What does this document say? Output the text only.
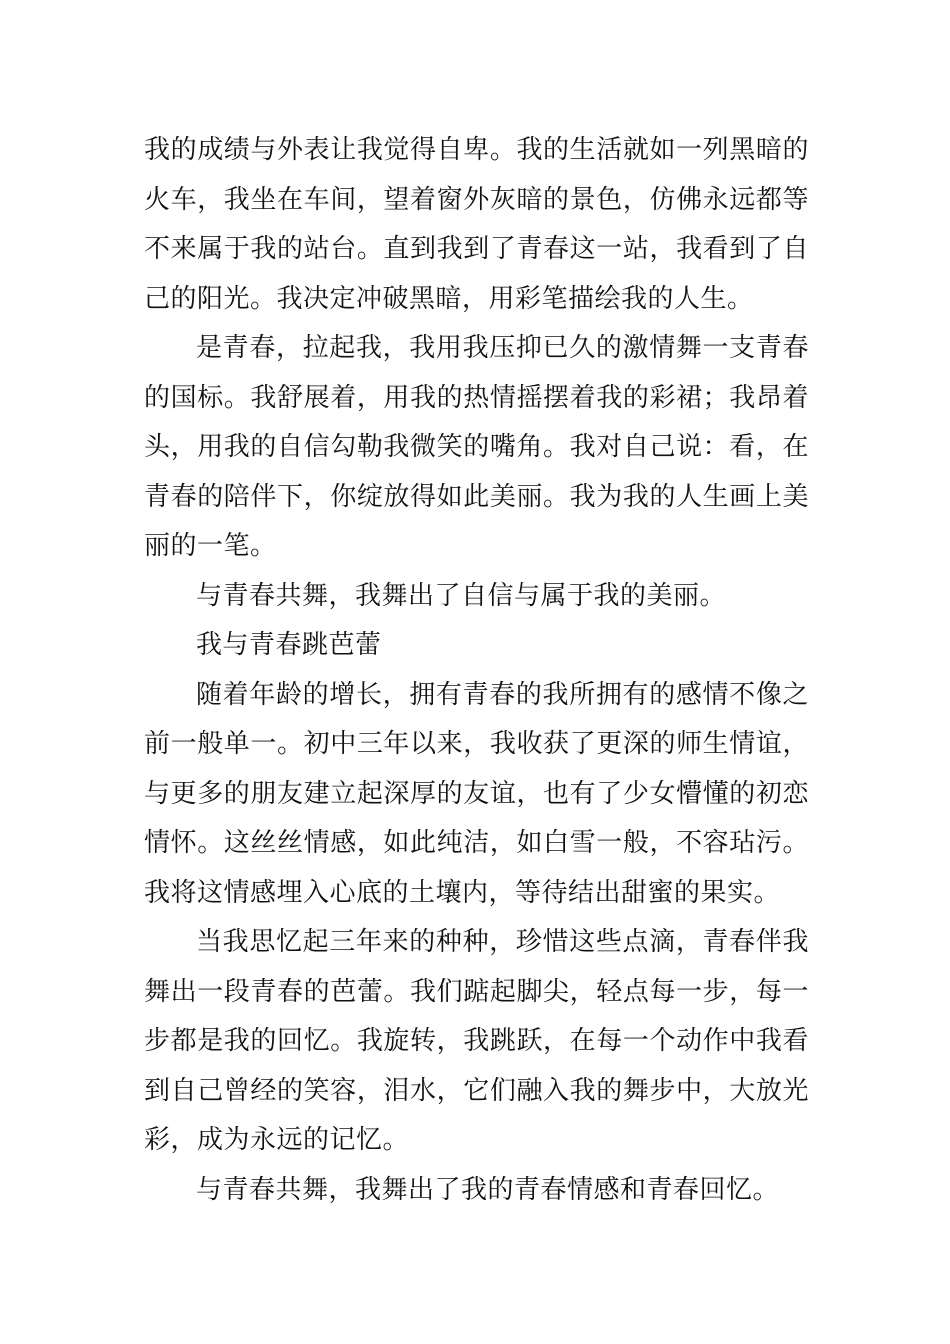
我的成绩与外表让我觉得自卑。我的生活就如一列黑暗的火车，我坐在车间，望着窗外灰暗的景色，仿佛永远都等不来属于我的站台。直到我到了青春这一站，我看到了自己的阳光。我决定冲破黑暗，用彩笔描绘我的人生。

是青春，拉起我，我用我压抑已久的激情舞一支青春的国标。我舒展着，用我的热情摇摆着我的彩裙；我昂着头，用我的自信勾勒我微笑的嘴角。我对自己说：看，在青春的陪伴下，你绽放得如此美丽。我为我的人生画上美丽的一笔。

与青春共舞，我舞出了自信与属于我的美丽。

我与青春跳芭蕾

随着年龄的增长，拥有青春的我所拥有的感情不像之前一般单一。初中三年以来，我收获了更深的师生情谊，与更多的朋友建立起深厚的友谊，也有了少女懵懂的初恋情怀。这丝丝情感，如此纯洁，如白雪一般，不容玷污。我将这情感埋入心底的土壤内，等待结出甜蜜的果实。

当我思忆起三年来的种种，珍惜这些点滴，青春伴我舞出一段青春的芭蕾。我们踮起脚尖，轻点每一步，每一步都是我的回忆。我旋转，我跳跃，在每一个动作中我看到自己曾经的笑容，泪水，它们融入我的舞步中，大放光彩，成为永远的记忆。

与青春共舞，我舞出了我的青春情感和青春回忆。
